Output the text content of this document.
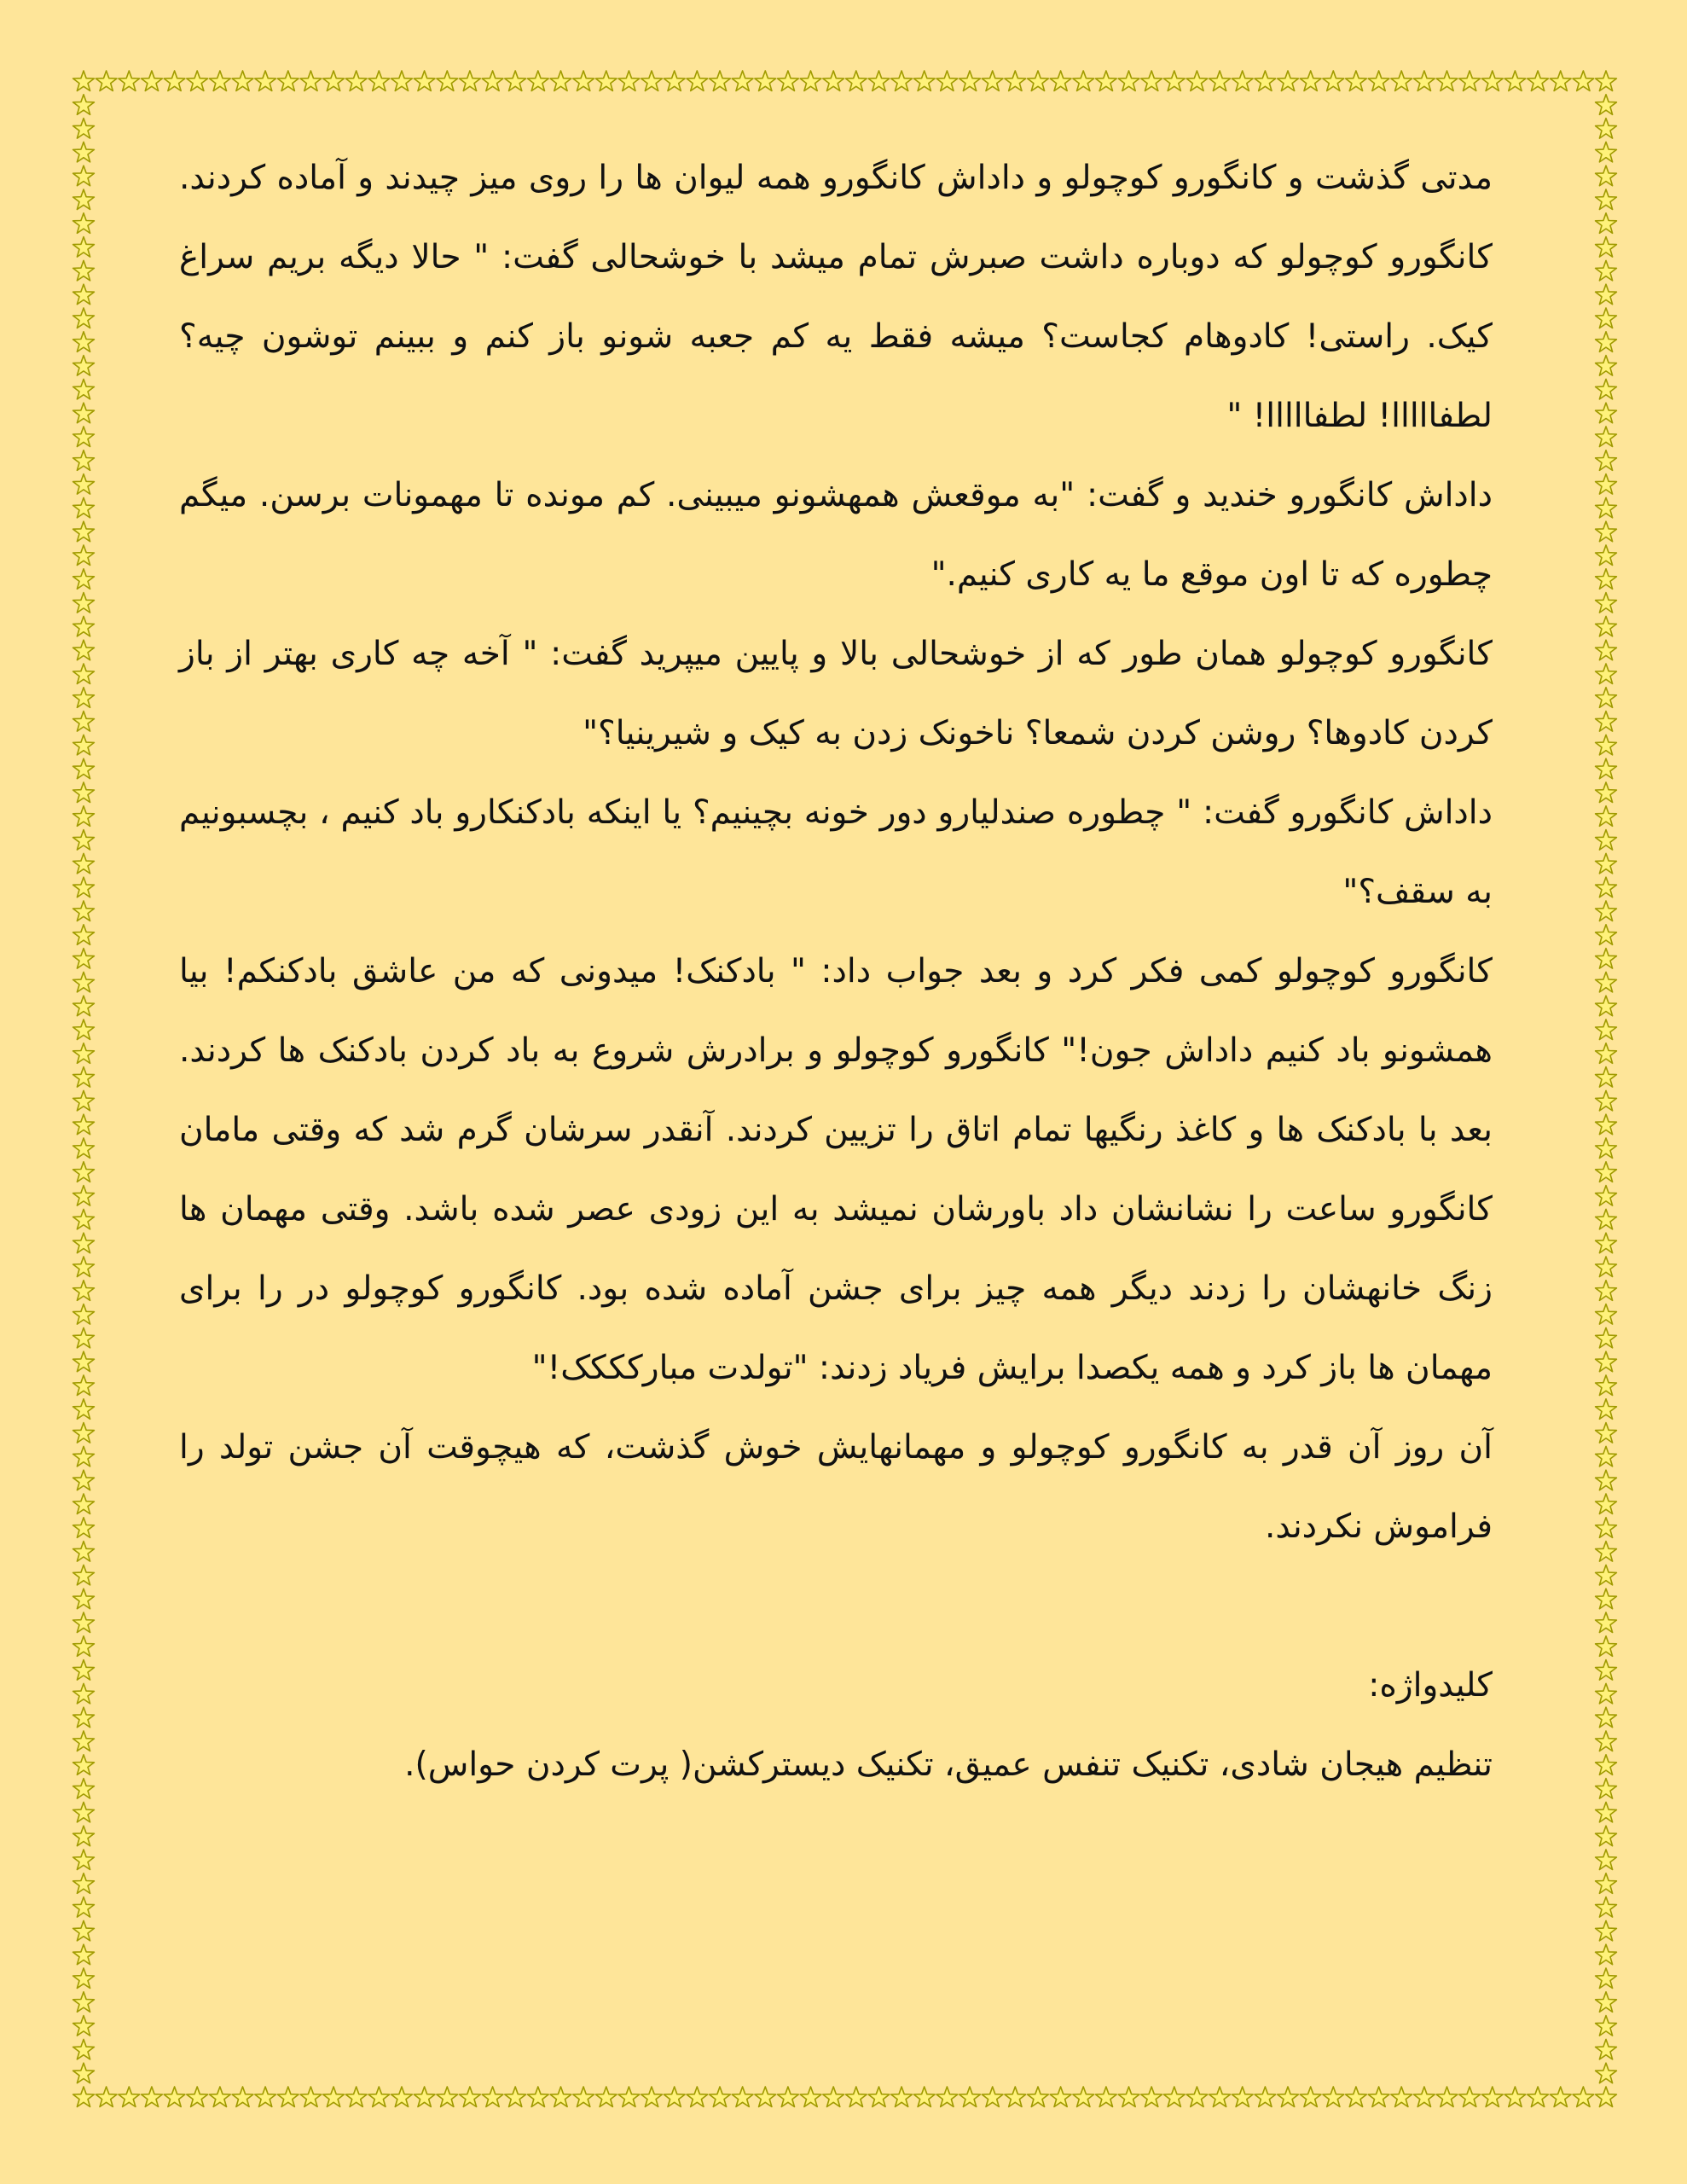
مدتی گذشت و کانگورو کوچولو و داداش کانگورو همه لیوان ها را روی میز چیدند و آماده کردند. کانگورو کوچولو که دوباره داشت صبرش تمام میشد با خوشحالی گفت: " حالا دیگه بریم سراغ کیک. راستی! کادوهام کجاست؟ میشه فقط یه کم جعبه شونو باز کنم و ببینم توشون چیه؟ لطفااااا! لطفااااا! "

داداش کانگورو خندید و گفت: "به موقعش همهشونو میبینی. کم مونده تا مهمونات برسن. میگم چطوره که تا اون موقع ما یه کاری کنیم."

کانگورو کوچولو همان طور که از خوشحالی بالا و پایین میپرید گفت: " آخه چه کاری بهتر از باز کردن کادوها؟ روشن کردن شمعا؟ ناخونک زدن به کیک و شیرینیا؟"

داداش کانگورو گفت: " چطوره صندلیارو دور خونه بچینیم؟ یا اینکه بادکنکارو باد کنیم ، بچسبونیم به سقف؟"

کانگورو کوچولو کمی فکر کرد و بعد جواب داد: " بادکنک! میدونی که من عاشق بادکنکم! بیا همشونو باد کنیم داداش جون!" کانگورو کوچولو و برادرش شروع به باد کردن بادکنک ها کردند. بعد با بادکنک ها و کاغذ رنگیها تمام اتاق را تزیین کردند. آنقدر سرشان گرم شد که وقتی مامان کانگورو ساعت را نشانشان داد باورشان نمیشد به این زودی عصر شده باشد. وقتی مهمان ها زنگ خانهشان را زدند دیگر همه چیز برای جشن آماده شده بود. کانگورو کوچولو در را برای مهمان ها باز کرد و همه یکصدا برایش فریاد زدند: "تولدت مبارکککک!"

آن روز آن قدر به کانگورو کوچولو و مهمانهایش خوش گذشت، که هیچوقت آن جشن تولد را فراموش نکردند.

کلیدواژه:

تنظیم هیجان شادی، تکنیک تنفس عمیق، تکنیک دیسترکشن( پرت کردن حواس).
